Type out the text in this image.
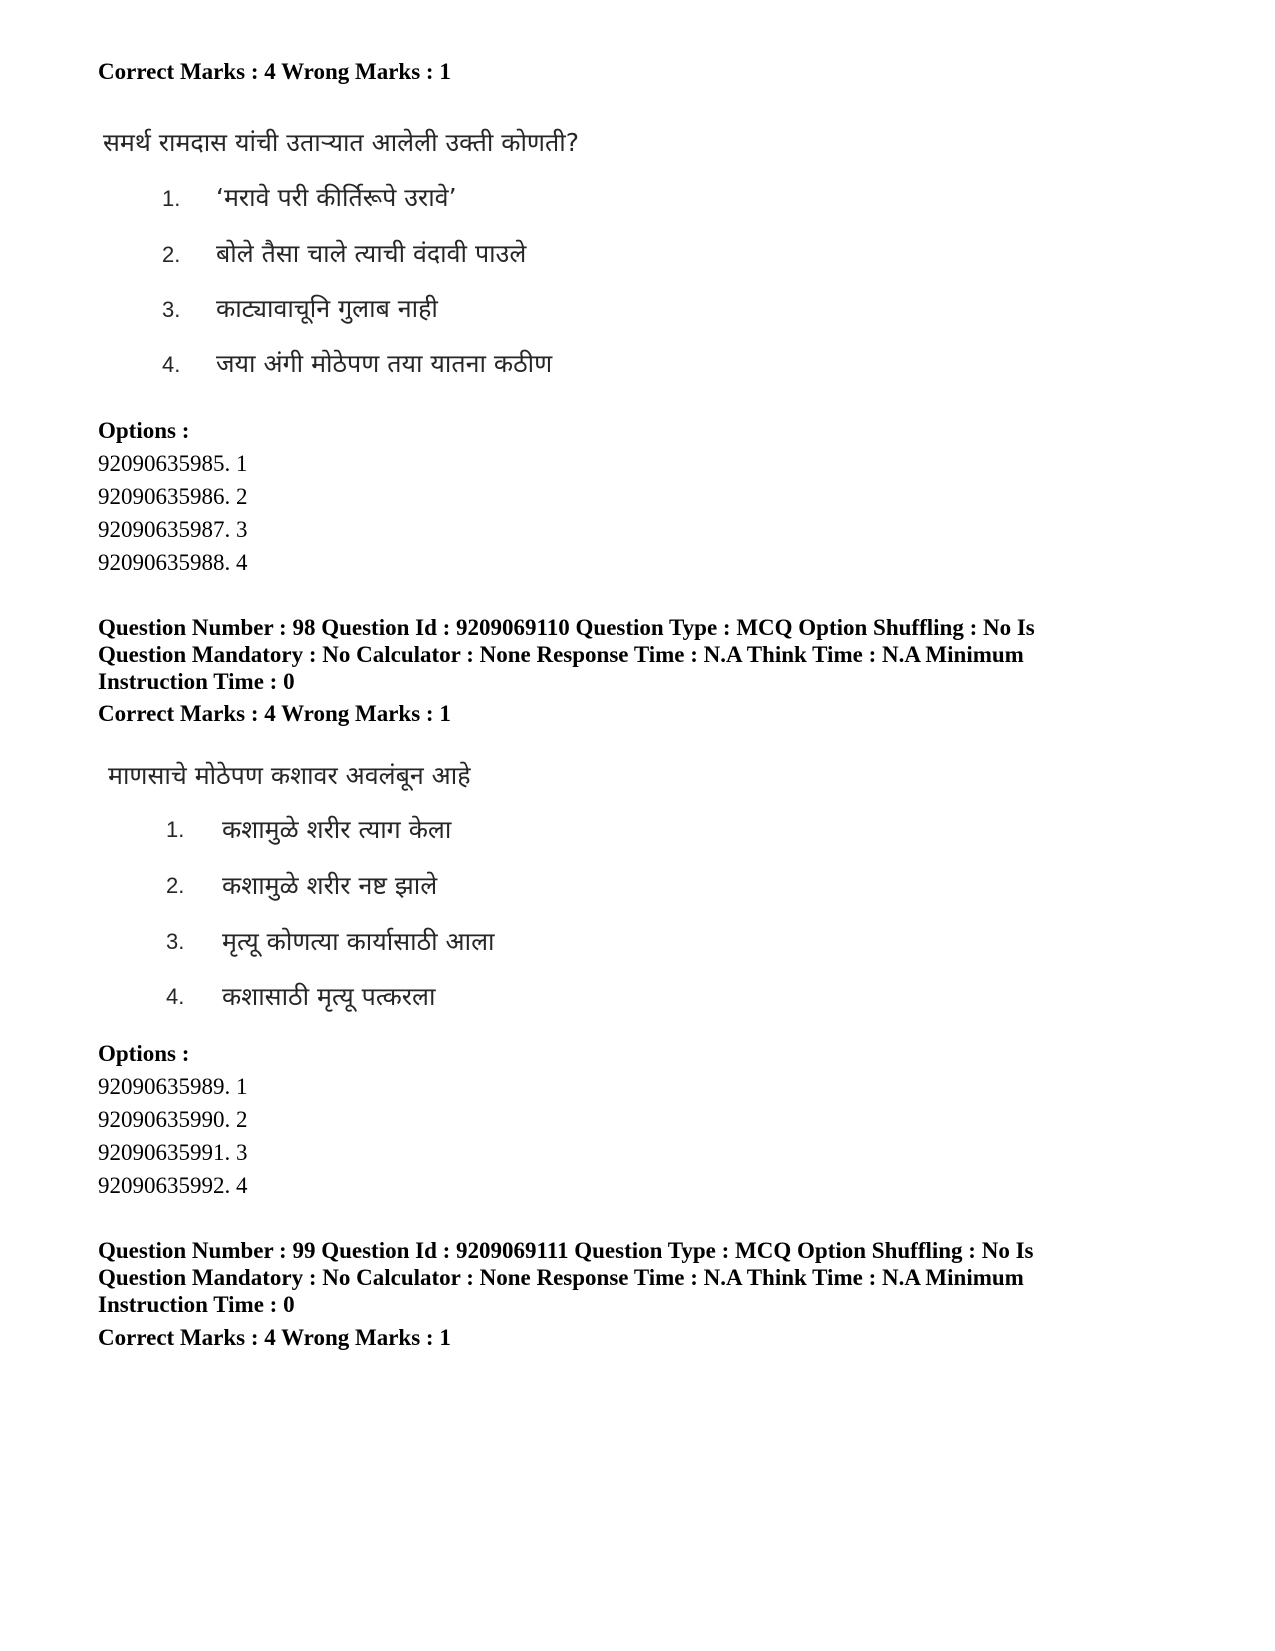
Correct Marks : 4 Wrong Marks : 1
समर्थ रामदास यांची उताऱ्यात आलेली उक्ती कोणती?
1. ‘मरावे परी कीर्तिरूपे उरावे’
2. बोले तैसा चाले त्याची वंदावी पाउले
3. काट्यावाचूनि गुलाब नाही
4. जया अंगी मोठेपण तया यातना कठीण
Options :
92090635985. 1
92090635986. 2
92090635987. 3
92090635988. 4
Question Number : 98 Question Id : 9209069110 Question Type : MCQ Option Shuffling : No Is
Question Mandatory : No Calculator : None Response Time : N.A Think Time : N.A Minimum
Instruction Time : 0
Correct Marks : 4 Wrong Marks : 1
माणसाचे मोठेपण कशावर अवलंबून आहे
1. कशामुळे शरीर त्याग केला
2. कशामुळे शरीर नष्ट झाले
3. मृत्यू कोणत्या कार्यासाठी आला
4. कशासाठी मृत्यू पत्करला
Options :
92090635989. 1
92090635990. 2
92090635991. 3
92090635992. 4
Question Number : 99 Question Id : 9209069111 Question Type : MCQ Option Shuffling : No Is
Question Mandatory : No Calculator : None Response Time : N.A Think Time : N.A Minimum
Instruction Time : 0
Correct Marks : 4 Wrong Marks : 1
